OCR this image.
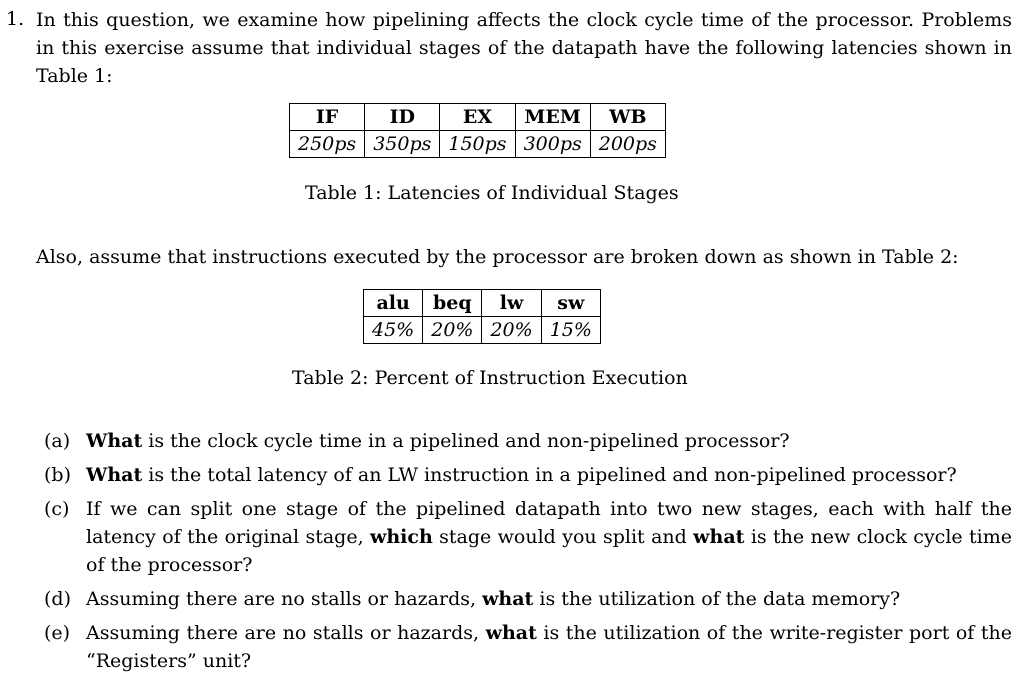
1. In this question, we examine how pipelining affects the clock cycle time of the processor. Problems in this exercise assume that individual stages of the datapath have the following latencies shown in Table 1:

IF	ID	EX	MEM	WB
250ps	350ps	150ps	300ps	200ps
Table 1: Latencies of Individual Stages
Also, assume that instructions executed by the processor are broken down as shown in Table 2:
alu	beq	lw	sw
45%	20%	20%	15%
Table 2: Percent of Instruction Execution
(a) What is the clock cycle time in a pipelined and non-pipelined processor?
(b) What is the total latency of an LW instruction in a pipelined and non-pipelined processor?
(c) If we can split one stage of the pipelined datapath into two new stages, each with half the latency of the original stage, which stage would you split and what is the new clock cycle time of the processor?
(d) Assuming there are no stalls or hazards, what is the utilization of the data memory?
(e) Assuming there are no stalls or hazards, what is the utilization of the write-register port of the “Registers” unit?
